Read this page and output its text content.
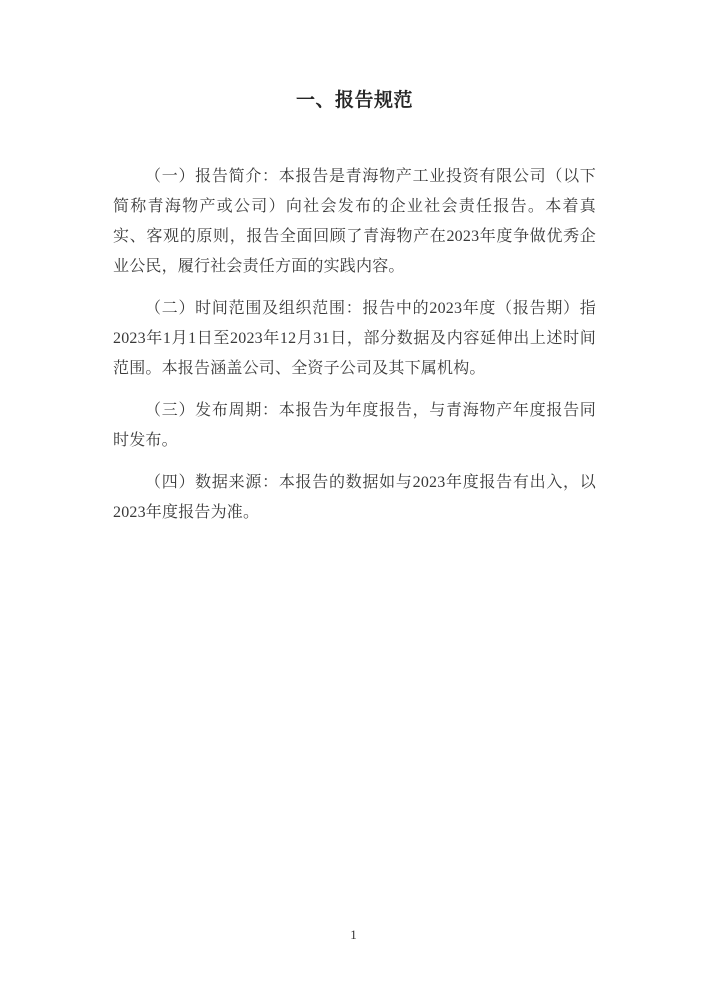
一、报告规范

（一）报告简介：本报告是青海物产工业投资有限公司（以下简称青海物产或公司）向社会发布的企业社会责任报告。本着真实、客观的原则，报告全面回顾了青海物产在2023年度争做优秀企业公民，履行社会责任方面的实践内容。

（二）时间范围及组织范围：报告中的2023年度（报告期）指2023年1月1日至2023年12月31日，部分数据及内容延伸出上述时间范围。本报告涵盖公司、全资子公司及其下属机构。

（三）发布周期：本报告为年度报告，与青海物产年度报告同时发布。

（四）数据来源：本报告的数据如与2023年度报告有出入，以2023年度报告为准。

1
